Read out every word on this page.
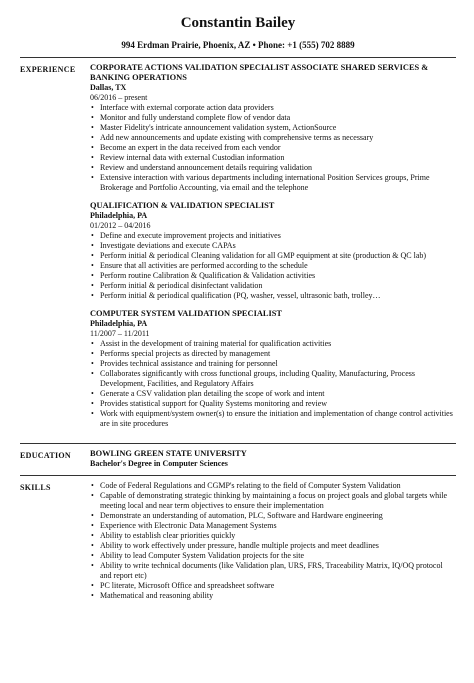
Constantin Bailey
994 Erdman Prairie, Phoenix, AZ • Phone: +1 (555) 702 8889
EXPERIENCE	CORPORATE ACTIONS VALIDATION SPECIALIST ASSOCIATE SHARED SERVICES & BANKING OPERATIONS
Dallas, TX
06/2016 – present
• Interface with external corporate action data providers
• Monitor and fully understand complete flow of vendor data
• Master Fidelity's intricate announcement validation system, ActionSource
• Add new announcements and update existing with comprehensive terms as necessary
• Become an expert in the data received from each vendor
• Review internal data with external Custodian information
• Review and understand announcement details requiring validation
• Extensive interaction with various departments including international Position Services groups, Prime Brokerage and Portfolio Accounting, via email and the telephone
QUALIFICATION & VALIDATION SPECIALIST
Philadelphia, PA
01/2012 – 04/2016
• Define and execute improvement projects and initiatives
• Investigate deviations and execute CAPAs
• Perform initial & periodical Cleaning validation for all GMP equipment at site (production & QC lab)
• Ensure that all activities are performed according to the schedule
• Perform routine Calibration & Qualification & Validation activities
• Perform initial & periodical disinfectant validation
• Perform initial & periodical qualification (PQ, washer, vessel, ultrasonic bath, trolley…
COMPUTER SYSTEM VALIDATION SPECIALIST
Philadelphia, PA
11/2007 – 11/2011
• Assist in the development of training material for qualification activities
• Performs special projects as directed by management
• Provides technical assistance and training for personnel
• Collaborates significantly with cross functional groups, including Quality, Manufacturing, Process Development, Facilities, and Regulatory Affairs
• Generate a CSV validation plan detailing the scope of work and intent
• Provides statistical support for Quality Systems monitoring and review
• Work with equipment/system owner(s) to ensure the initiation and implementation of change control activities are in site procedures
EDUCATION	BOWLING GREEN STATE UNIVERSITY
Bachelor's Degree in Computer Sciences
SKILLS
•	Code of Federal Regulations and CGMP's relating to the field of Computer System Validation
• Capable of demonstrating strategic thinking by maintaining a focus on project goals and global targets while meeting local and near term objectives to ensure their implementation
• Demonstrate an understanding of automation, PLC, Software and Hardware engineering
• Experience with Electronic Data Management Systems
• Ability to establish clear priorities quickly
• Ability to work effectively under pressure, handle multiple projects and meet deadlines
• Ability to lead Computer System Validation projects for the site
• Ability to write technical documents (like Validation plan, URS, FRS, Traceability Matrix, IQ/OQ protocol and report etc)
• PC literate, Microsoft Office and spreadsheet software
• Mathematical and reasoning ability
